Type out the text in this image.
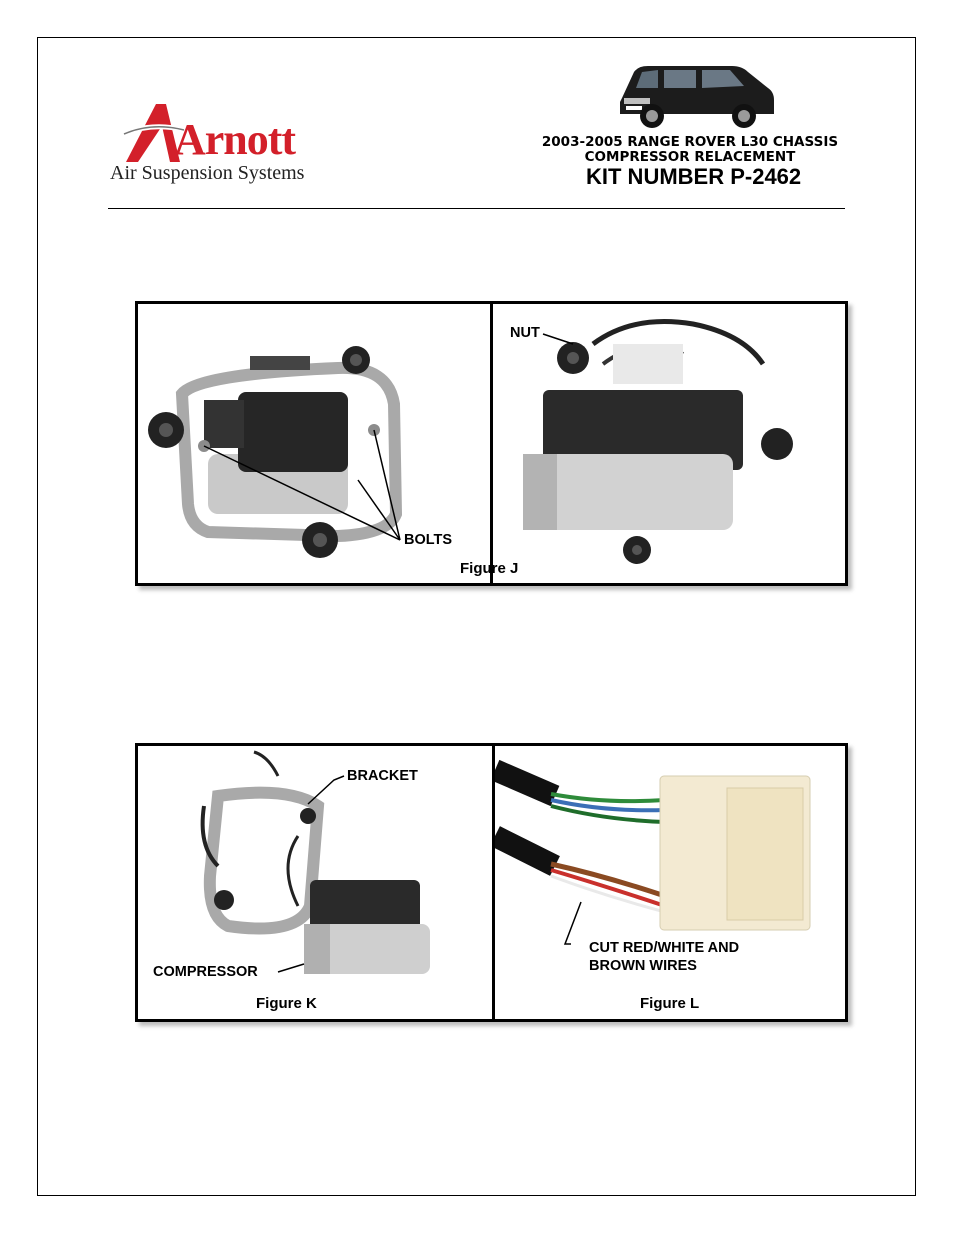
Arnott
Air Suspension Systems
2003-2005 RANGE ROVER L30 CHASSIS
COMPRESSOR RELACEMENT
KIT NUMBER P-2462
BOLTS
Figure J
NUT
BRACKET
COMPRESSOR
Figure K
CUT RED/WHITE AND
BROWN WIRES
Figure L
